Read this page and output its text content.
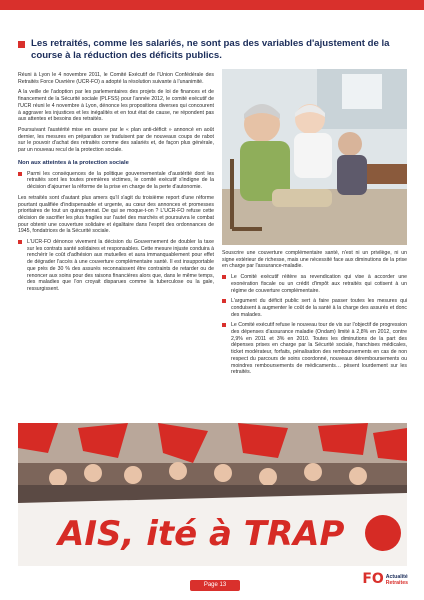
Les retraités, comme les salariés, ne sont pas des variables d'ajustement de la course à la réduction des déficits publics.

Réuni à Lyon le 4 novembre 2011, le Comité Exécutif de l'Union Confédérale des Retraités Force Ouvrière (UCR-FO) a adopté la résolution suivante à l'unanimité.

A la veille de l'adoption par les parlementaires des projets de loi de finances et de financement de la Sécurité sociale (PLFSS) pour l'année 2012, le comité exécutif de l'UCR réuni le 4 novembre à Lyon, dénonce les propositions diverses qui concourent à aggraver les injustices et les inégalités et en tout état de cause, ne répondent pas aux attentes et besoins des retraités.

Poursuivant l'austérité mise en œuvre par le « plan anti-déficit » annoncé en août dernier, les mesures en préparation se traduisent par de nouveaux coups de rabot sur le pouvoir d'achat des retraités comme des salariés et, de façon plus générale, par un nouveau recul de la protection sociale.

Non aux atteintes à la protection sociale

Parmi les conséquences de la politique gouvernementale d'austérité dont les retraités sont les toutes premières victimes, le comité exécutif s'indigne de la décision d'ajourner la réforme de la prise en charge de la perte d'autonomie.

Les retraités sont d'autant plus amers qu'il s'agit du troisième report d'une réforme pourtant qualifiée d'indispensable et urgente, au cœur des annonces et promesses prioritaires de tout un quinquennat. De qui se moque-t-on ? L'UCR-FO refuse cette décision de sacrifier les plus fragiles sur l'autel des marchés et poursuivra le combat pour obtenir une couverture solidaire et égalitaire dans l'esprit des ordonnances de 1945, fondatrices de la Sécurité sociale.

L'UCR-FO dénonce vivement la décision du Gouvernement de doubler la taxe sur les contrats santé solidaires et responsables. Cette mesure injuste conduira à renchérir le coût d'adhésion aux mutuelles et aura immanquablement pour effet de dégrader l'accès à une couverture complémentaire santé. Il est insupportable que près de 30 % des assurés reconnaissent être contraints de retarder ou de renoncer aux soins pour des raisons financières alors que, dans le même temps, des maladies que l'on croyait disparues comme la tuberculose ou la gale, ressurgissent.

Souscrire une couverture complémentaire santé, n'est ni un privilège, ni un signe extérieur de richesse, mais une nécessité face aux diminutions de la prise en charge par l'assurance-maladie.

Le Comité exécutif réitère sa revendication qui vise à accorder une exonération fiscale ou un crédit d'impôt aux retraités qui cotisent à un régime de couverture complémentaire.

L'argument du déficit public sert à faire passer toutes les mesures qui conduisent à augmenter le coût de la santé à la charge des assurés et donc des malades.

Le Comité exécutif refuse le nouveau tour de vis sur l'objectif de progression des dépenses d'assurance maladie (Ondam) limité à 2,8% en 2012, contre 2,9% en 2011 et 3% en 2010. Toutes les diminutions de la part des dépenses prises en charge par la Sécurité sociale, franchises médicales, ticket modérateur, forfaits, pénalisation des remboursements en cas de non respect du parcours de soins coordonné, nouveaux déremboursements ou moindres remboursements de médicaments… pèsent lourdement sur les retraités.

AIS, ité à TRAP
Page 13	FO Actualité
Retraites
